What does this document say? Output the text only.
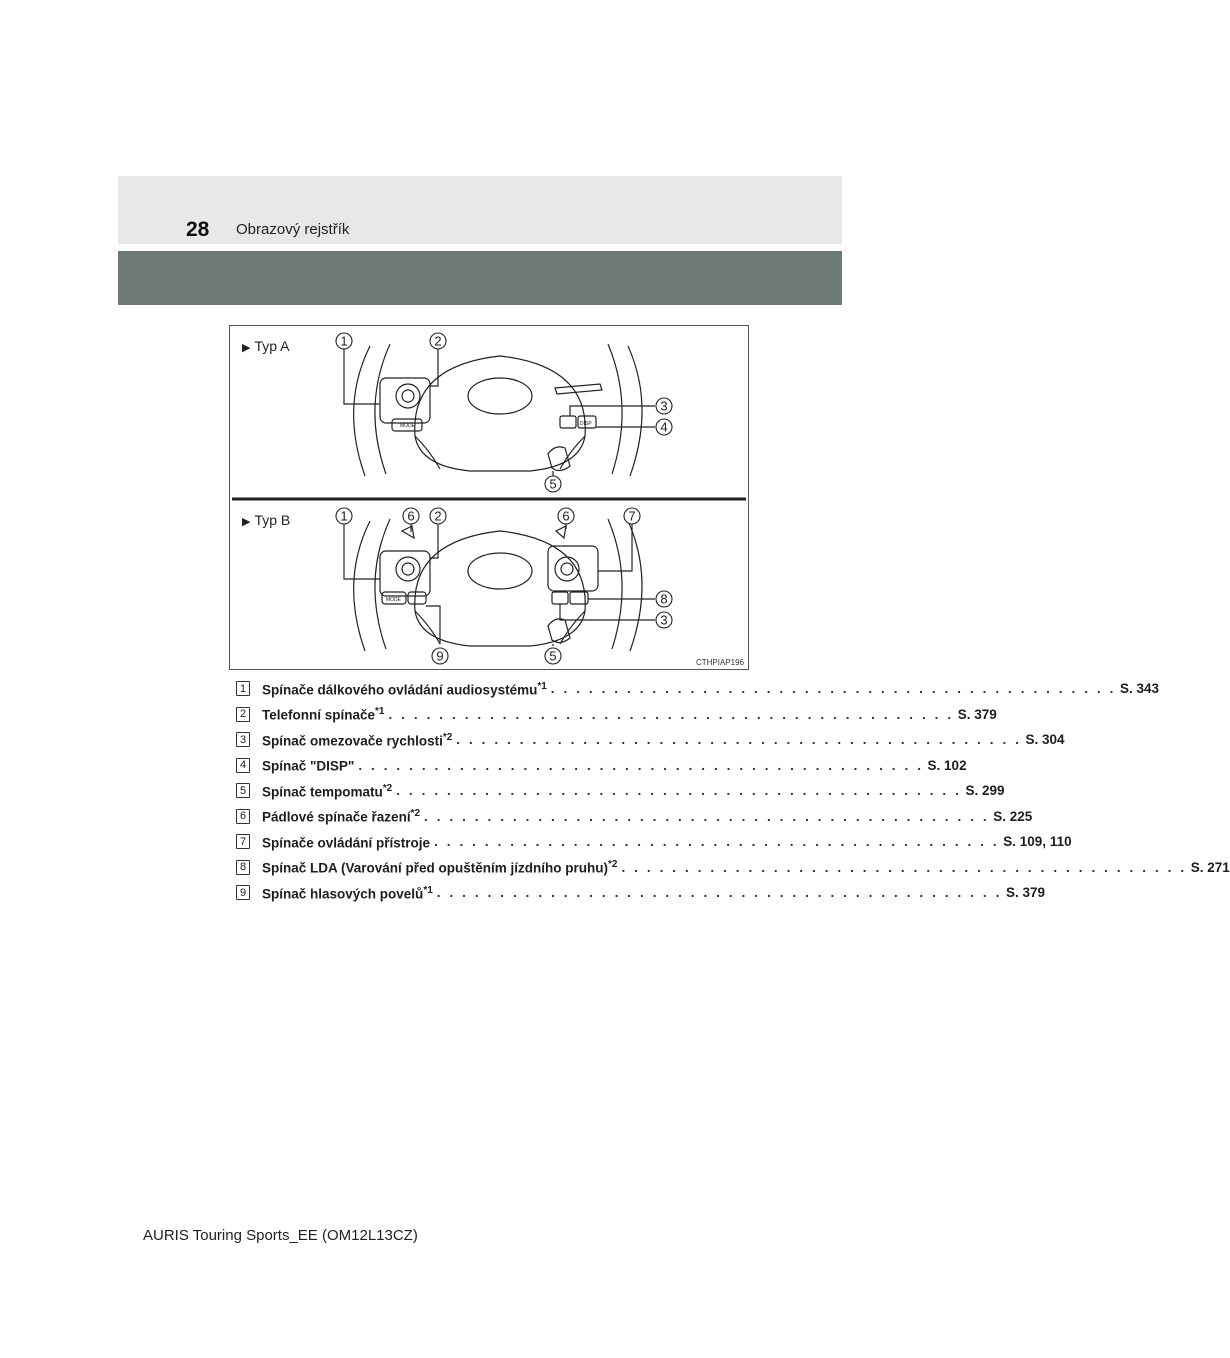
28 Obrazový rejstřík
1	2
3
4
5
1	6 2	6	7
8
3
9	5
MODE	DISP
MODE
▶ Typ A
▶ Typ B
CTHPIAP196
1 Spínače dálkového ovládání audiosystému$^{*1}$ . . . . . . . . . . . . . . . . . . . . . . . . . . . . . . . . . . . . . . . . . . . . . S. 343
2 Telefonní spínače$^{*1}$ . . . . . . . . . . . . . . . . . . . . . . . . . . . . . . . . . . . . . . . . . . . . . S. 379
3 Spínač omezovače rychlosti$^{*2}$ . . . . . . . . . . . . . . . . . . . . . . . . . . . . . . . . . . . . . . . . . . . . . S. 304
4 Spínač "DISP" . . . . . . . . . . . . . . . . . . . . . . . . . . . . . . . . . . . . . . . . . . . . . S. 102
5 Spínač tempomatu$^{*2}$ . . . . . . . . . . . . . . . . . . . . . . . . . . . . . . . . . . . . . . . . . . . . . S. 299
6 Pádlové spínače řazení$^{*2}$ . . . . . . . . . . . . . . . . . . . . . . . . . . . . . . . . . . . . . . . . . . . . . S. 225
7 Spínače ovládání přístroje . . . . . . . . . . . . . . . . . . . . . . . . . . . . . . . . . . . . . . . . . . . . . S. 109, 110
8 Spínač LDA (Varování před opuštěním jízdního pruhu)$^{*2}$ . . . . . . . . . . . . . . . . . . . . . . . . . . . . . . . . . . . . . . . . . . . . . S. 271
9 Spínač hlasových povelů$^{*1}$ . . . . . . . . . . . . . . . . . . . . . . . . . . . . . . . . . . . . . . . . . . . . . S. 379
AURIS Touring Sports_EE (OM12L13CZ)
